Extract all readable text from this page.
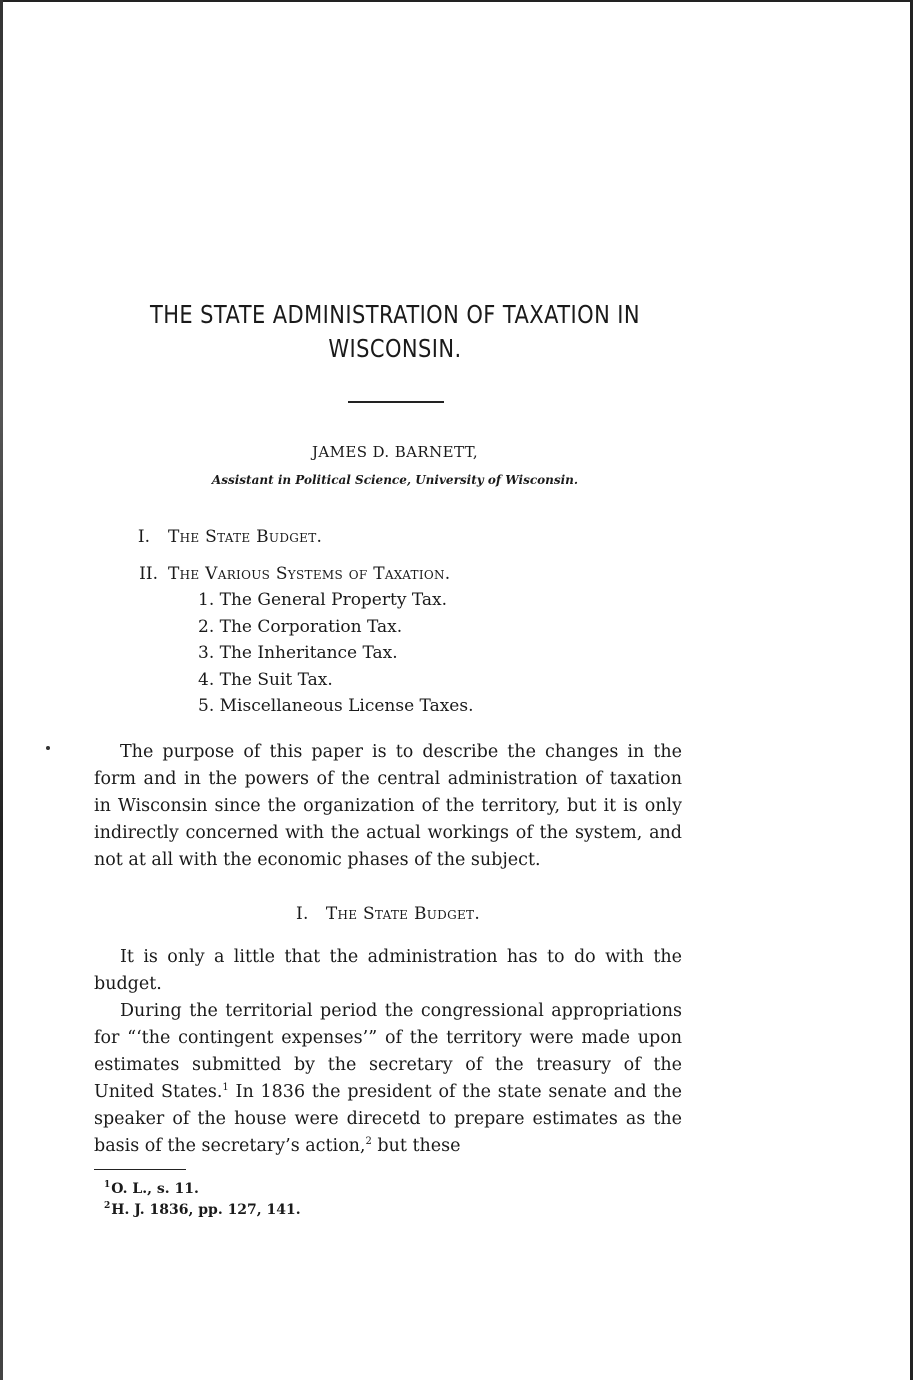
THE STATE ADMINISTRATION OF TAXATION IN
WISCONSIN.
JAMES D. BARNETT,
Assistant in Political Science, University of Wisconsin.
I. The State Budget.
II. The Various Systems of Taxation.
1. The General Property Tax.
2. The Corporation Tax.
3. The Inheritance Tax.
4. The Suit Tax.
5. Miscellaneous License Taxes.

The purpose of this paper is to describe the changes in the form and in the powers of the central administration of taxation in Wisconsin since the organization of the territory, but it is only indirectly concerned with the actual workings of the system, and not at all with the economic phases of the subject.

I. The State Budget.

It is only a little that the administration has to do with the budget.

During the territorial period the congressional appropriations for “‘the contingent expenses’” of the territory were made upon estimates submitted by the secretary of the treasury of the United States.$^1$ In 1836 the president of the state senate and the speaker of the house were direcetd to prepare estimates as the basis of the secretary’s action,$^2$ but these

$^1$O. L., s. 11.
$^2$H. J. 1836, pp. 127, 141.
